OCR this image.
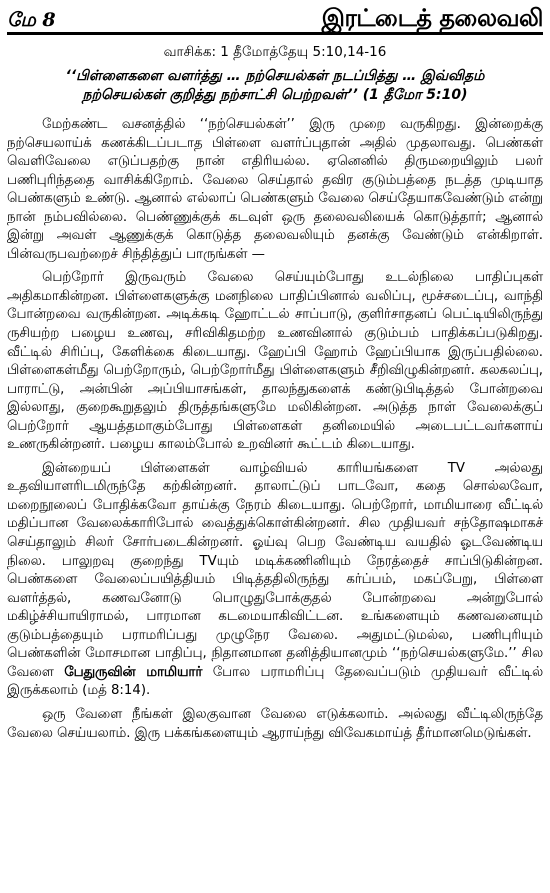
மே 8	இரட்டைத் தலைவலி
வாசிக்க: 1 தீமோத்தேயு 5:10,14-16
‘‘பிள்ளைகளை வளர்த்து … நற்செயல்கள் நடப்பித்து … இவ்விதம்
நற்செயல்கள் குறித்து நற்சாட்சி பெற்றவள்’’ (1 தீமோ 5:10)

மேற்கண்ட வசனத்தில் ‘‘நற்செயல்கள்’’ இரு முறை வருகிறது. இன்றைக்கு நற்செயலாய்க் கணக்கிடப்படாத பிள்ளை வளர்ப்புதான் அதில் முதலாவது. பெண்கள் வெளிவேலை எடுப்பதற்கு நான் எதிரியல்ல. ஏனெனில் திருமறையிலும் பலர் பணிபுரிந்ததை வாசிக்கிறோம். வேலை செய்தால் தவிர குடும்பத்தை நடத்த முடியாத பெண்களும் உண்டு. ஆனால் எல்லாப் பெண்களும் வேலை செய்தேயாகவேண்டும் என்று நான் நம்பவில்லை. பெண்ணுக்குக் கடவுள் ஒரு தலைவலியைக் கொடுத்தார்; ஆனால் இன்று அவள் ஆணுக்குக் கொடுத்த தலைவலியும் தனக்கு வேண்டும் என்கிறாள். பின்வருபவற்றைச் சிந்தித்துப் பாருங்கள் —

பெற்றோர் இருவரும் வேலை செய்யும்போது உடல்நிலை பாதிப்புகள் அதிகமாகின்றன. பிள்ளைகளுக்கு மனநிலை பாதிப்பினால் வலிப்பு, மூச்சடைப்பு, வாந்தி போன்றவை வருகின்றன. அடிக்கடி ஹோட்டல் சாப்பாடு, குளிர்சாதனப் பெட்டியிலிருந்து ருசியற்ற பழைய உணவு, சரிவிகிதமற்ற உணவினால் குடும்பம் பாதிக்கப்படுகிறது. வீட்டில் சிரிப்பு, கேளிக்கை கிடையாது. ஹேப்பி ஹோம் ஹேப்பியாக இருப்பதில்லை. பிள்ளைகள்மீது பெற்றோரும், பெற்றோர்மீது பிள்ளைகளும் சீறிவிழுகின்றனர். கலகலப்பு, பாராட்டு, அன்பின் அப்பியாசங்கள், தாலந்துகளைக் கண்டுபிடித்தல் போன்றவை இல்லாது, குறைகூறுதலும் திருத்தங்களுமே மலிகின்றன. அடுத்த நாள் வேலைக்குப் பெற்றோர் ஆயத்தமாகும்போது பிள்ளைகள் தனிமையில் அடைபட்டவர்களாய் உணருகின்றனர். பழைய காலம்போல் உறவினர் கூட்டம் கிடையாது.

இன்றையப் பிள்ளைகள் வாழ்வியல் காரியங்களை TV அல்லது உதவியாளரிடமிருந்தே கற்கின்றனர். தாலாட்டுப் பாடவோ, கதை சொல்லவோ, மறைநூலைப் போதிக்கவோ தாய்க்கு நேரம் கிடையாது. பெற்றோர், மாமியாரை வீட்டில் மதிப்பான வேலைக்காரிபோல் வைத்துக்கொள்கின்றனர். சில முதியவர் சந்தோஷமாகச் செய்தாலும் சிலர் சோர்படைகின்றனர். ஓய்வு பெற வேண்டிய வயதில் ஓடவேண்டிய நிலை. பாலுறவு குறைந்து TVயும் மடிக்கணினியும் நேரத்தைச் சாப்பிடுகின்றன. பெண்களை வேலைப்பயித்தியம் பிடித்ததிலிருந்து கர்ப்பம், மகப்பேறு, பிள்ளை வளர்த்தல், கணவனோடு பொழுதுபோக்குதல் போன்றவை அன்றுபோல் மகிழ்ச்சியாயிராமல், பாரமான கடமையாகிவிட்டன. உங்களையும் கணவனையும் குடும்பத்தையும் பராமரிப்பது முழுநேர வேலை. அதுமட்டுமல்ல, பணிபுரியும் பெண்களின் மோசமான பாதிப்பு, நிதானமான தனித்தியானமும் ‘‘நற்செயல்களுமே.’’ சில வேளை பேதுருவின் மாமியார் போல பராமரிப்பு தேவைப்படும் முதியவர் வீட்டில் இருக்கலாம் (மத் 8:14).

ஒரு வேளை நீங்கள் இலகுவான வேலை எடுக்கலாம். அல்லது வீட்டிலிருந்தே வேலை செய்யலாம். இரு பக்கங்களையும் ஆராய்ந்து விவேகமாய்த் தீர்மானமெடுங்கள்.
